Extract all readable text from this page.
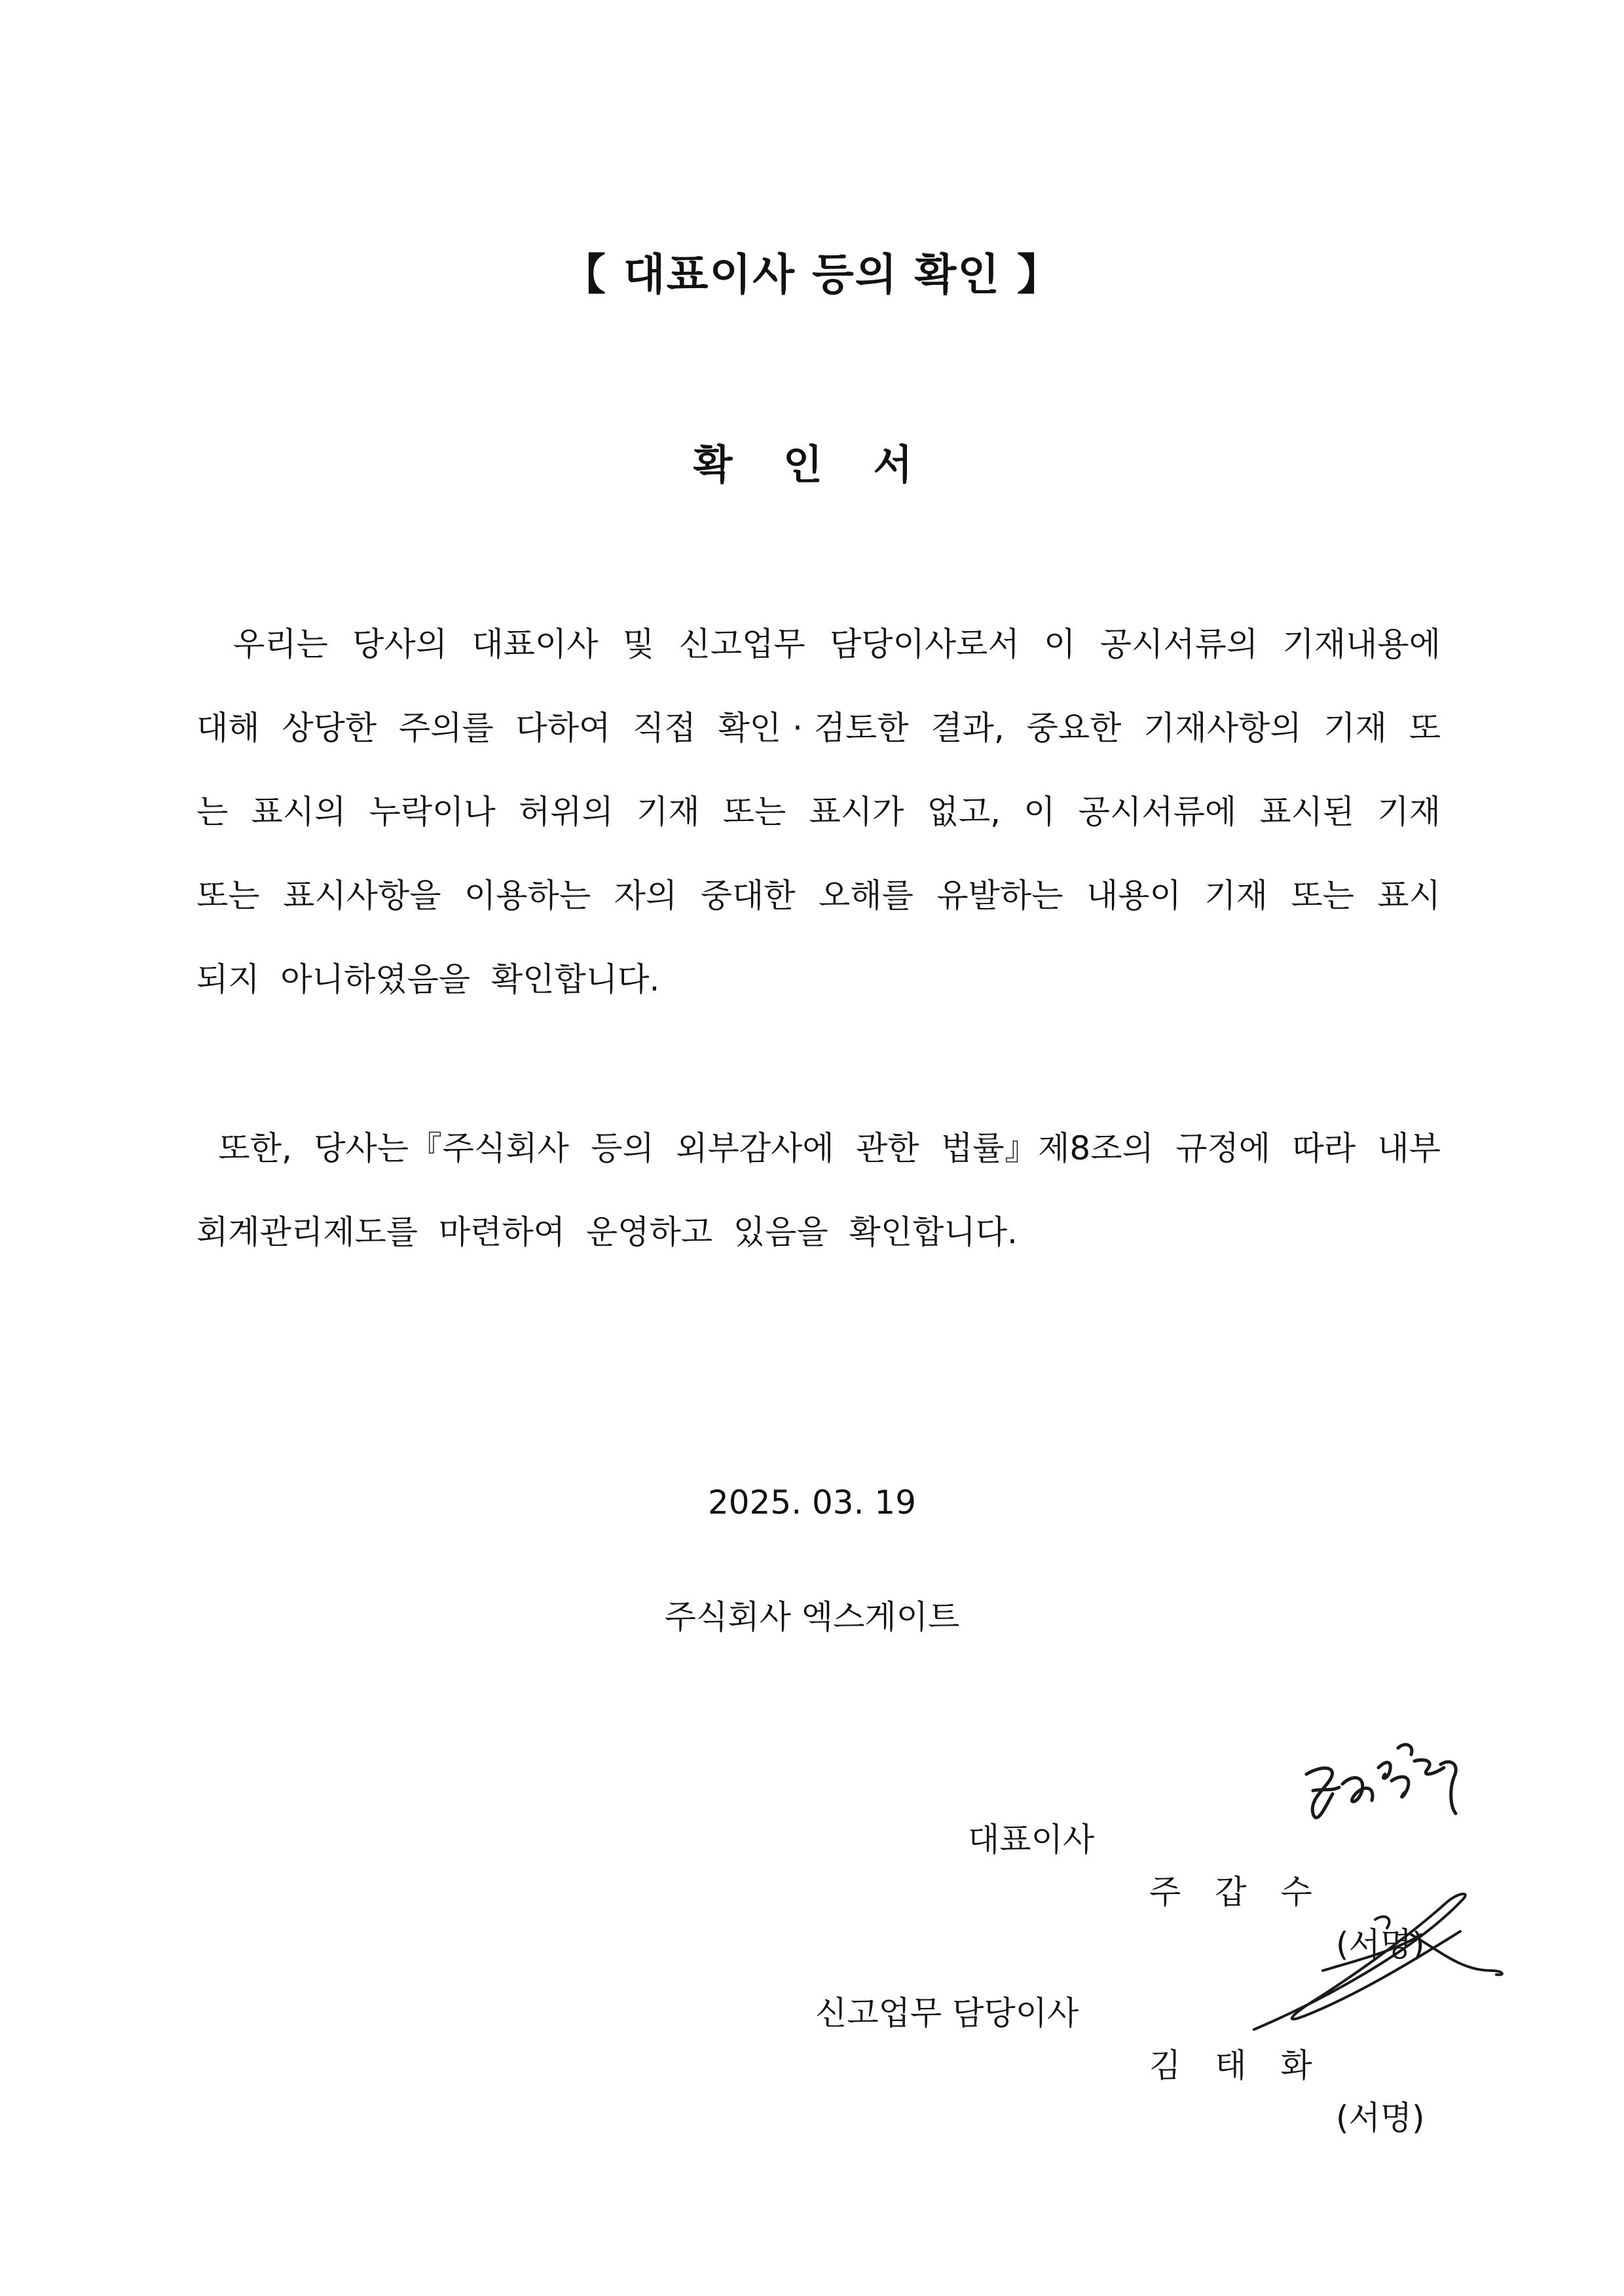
【 대표이사 등의 확인 】
확 인 서
우리는  당사의  대표이사  및  신고업무  담당이사로서  이  공시서류의  기재내용에
대해  상당한  주의를  다하여  직접  확인 · 검토한  결과,  중요한  기재사항의  기재  또
는  표시의  누락이나  허위의  기재  또는  표시가  없고,  이  공시서류에  표시된  기재
또는  표시사항을  이용하는  자의  중대한  오해를  유발하는  내용이  기재  또는  표시
되지  아니하였음을  확인합니다.
또한,  당사는『주식회사  등의  외부감사에  관한  법률』제8조의  규정에  따라  내부
회계관리제도를  마련하여  운영하고  있음을  확인합니다.
2025. 03. 19
주식회사 엑스게이트

대표이사

주 갑 수

(서명)

신고업무 담당이사

김 태 화

(서명)
